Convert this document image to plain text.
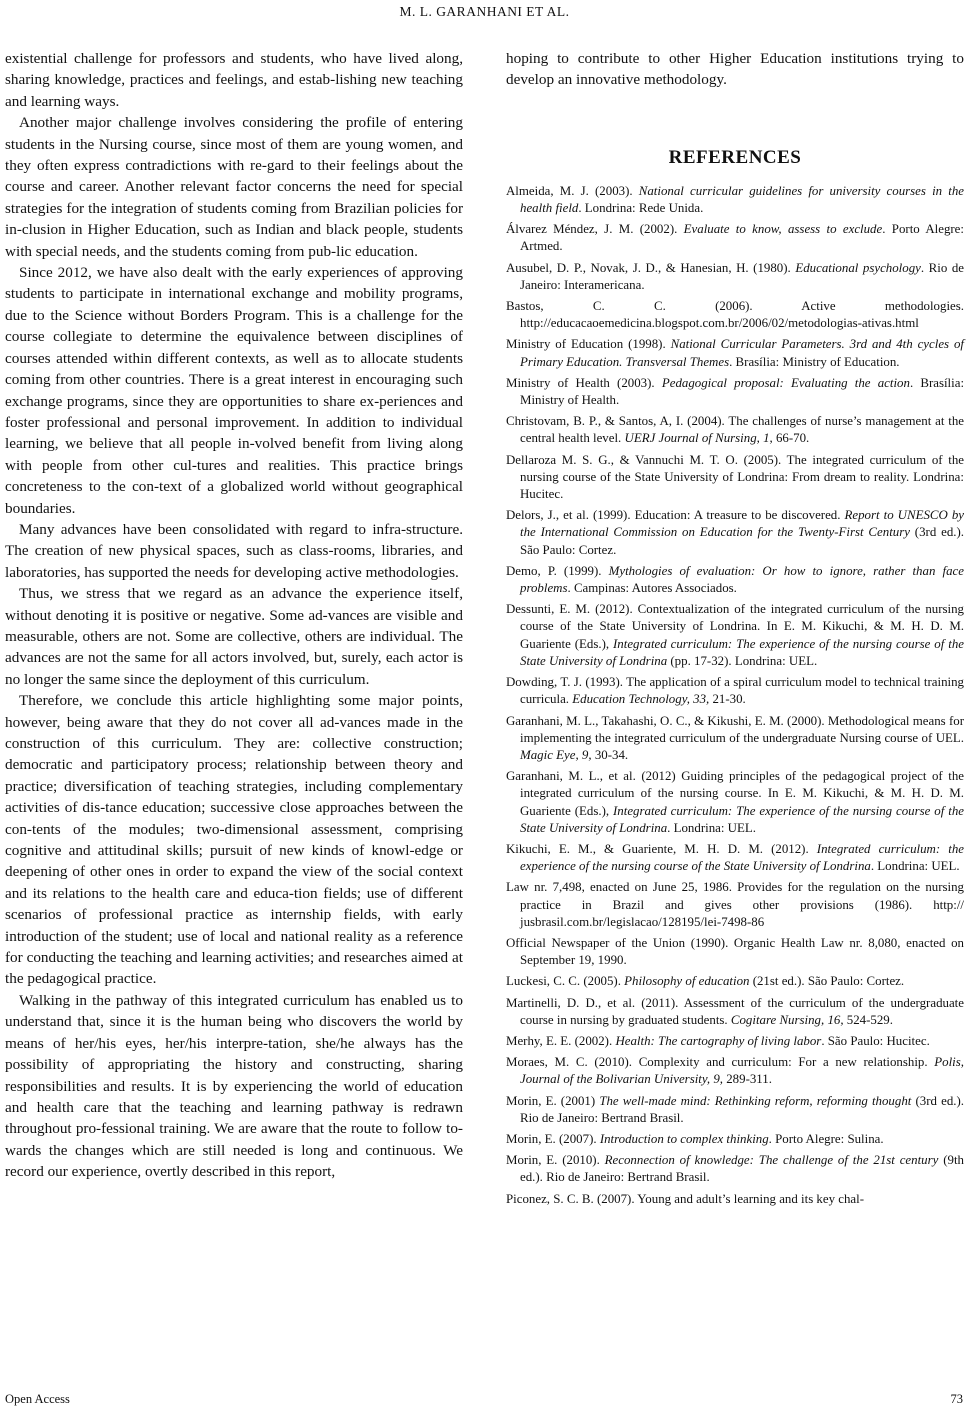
M. L. GARANHANI ET AL.

existential challenge for professors and students, who have lived along, sharing knowledge, practices and feelings, and estab-lishing new teaching and learning ways.

Another major challenge involves considering the profile of entering students in the Nursing course, since most of them are young women, and they often express contradictions with re-gard to their feelings about the course and career. Another relevant factor concerns the need for special strategies for the integration of students coming from Brazilian policies for in-clusion in Higher Education, such as Indian and black people, students with special needs, and the students coming from pub-lic education.

Since 2012, we have also dealt with the early experiences of approving students to participate in international exchange and mobility programs, due to the Science without Borders Program. This is a challenge for the course collegiate to determine the equivalence between disciplines of courses attended within different contexts, as well as to allocate students coming from other countries. There is a great interest in encouraging such exchange programs, since they are opportunities to share ex-periences and foster professional and personal improvement. In addition to individual learning, we believe that all people in-volved benefit from living along with people from other cul-tures and realities. This practice brings concreteness to the con-text of a globalized world without geographical boundaries.

Many advances have been consolidated with regard to infra-structure. The creation of new physical spaces, such as class-rooms, libraries, and laboratories, has supported the needs for developing active methodologies.

Thus, we stress that we regard as an advance the experience itself, without denoting it is positive or negative. Some ad-vances are visible and measurable, others are not. Some are collective, others are individual. The advances are not the same for all actors involved, but, surely, each actor is no longer the same since the deployment of this curriculum.

Therefore, we conclude this article highlighting some major points, however, being aware that they do not cover all ad-vances made in the construction of this curriculum. They are: collective construction; democratic and participatory process; relationship between theory and practice; diversification of teaching strategies, including complementary activities of dis-tance education; successive close approaches between the con-tents of the modules; two-dimensional assessment, comprising cognitive and attitudinal skills; pursuit of new kinds of knowl-edge or deepening of other ones in order to expand the view of the social context and its relations to the health care and educa-tion fields; use of different scenarios of professional practice as internship fields, with early introduction of the student; use of local and national reality as a reference for conducting the teaching and learning activities; and researches aimed at the pedagogical practice.

Walking in the pathway of this integrated curriculum has enabled us to understand that, since it is the human being who discovers the world by means of her/his eyes, her/his interpre-tation, she/he always has the possibility of appropriating the history and constructing, sharing responsibilities and results. It is by experiencing the world of education and health care that the teaching and learning pathway is redrawn throughout pro-fessional training. We are aware that the route to follow to-wards the changes which are still needed is long and continuous. We record our experience, overtly described in this report,

hoping to contribute to other Higher Education institutions trying to develop an innovative methodology.

REFERENCES

Almeida, M. J. (2003). National curricular guidelines for university courses in the health field. Londrina: Rede Unida.

Álvarez Méndez, J. M. (2002). Evaluate to know, assess to exclude. Porto Alegre: Artmed.

Ausubel, D. P., Novak, J. D., & Hanesian, H. (1980). Educational psychology. Rio de Janeiro: Interamericana.

Bastos, C. C. (2006). Active methodologies. http://educacaoemedicina.blogspot.com.br/2006/02/metodologias-ativas.html

Ministry of Education (1998). National Curricular Parameters. 3rd and 4th cycles of Primary Education. Transversal Themes. Brasília: Ministry of Education.

Ministry of Health (2003). Pedagogical proposal: Evaluating the action. Brasília: Ministry of Health.

Christovam, B. P., & Santos, A, I. (2004). The challenges of nurse’s management at the central health level. UERJ Journal of Nursing, 1, 66-70.

Dellaroza M. S. G., & Vannuchi M. T. O. (2005). The integrated curriculum of the nursing course of the State University of Londrina: From dream to reality. Londrina: Hucitec.

Delors, J., et al. (1999). Education: A treasure to be discovered. Report to UNESCO by the International Commission on Education for the Twenty-First Century (3rd ed.). São Paulo: Cortez.

Demo, P. (1999). Mythologies of evaluation: Or how to ignore, rather than face problems. Campinas: Autores Associados.

Dessunti, E. M. (2012). Contextualization of the integrated curriculum of the nursing course of the State University of Londrina. In E. M. Kikuchi, & M. H. D. M. Guariente (Eds.), Integrated curriculum: The experience of the nursing course of the State University of Londrina (pp. 17-32). Londrina: UEL.

Dowding, T. J. (1993). The application of a spiral curriculum model to technical training curricula. Education Technology, 33, 21-30.

Garanhani, M. L., Takahashi, O. C., & Kikushi, E. M. (2000). Methodological means for implementing the integrated curriculum of the undergraduate Nursing course of UEL. Magic Eye, 9, 30-34.

Garanhani, M. L., et al. (2012) Guiding principles of the pedagogical project of the integrated curriculum of the nursing course. In E. M. Kikuchi, & M. H. D. M. Guariente (Eds.), Integrated curriculum: The experience of the nursing course of the State University of Londrina. Londrina: UEL.

Kikuchi, E. M., & Guariente, M. H. D. M. (2012). Integrated curriculum: the experience of the nursing course of the State University of Londrina. Londrina: UEL.

Law nr. 7,498, enacted on June 25, 1986. Provides for the regulation on the nursing practice in Brazil and gives other provisions (1986). http:// jusbrasil.com.br/legislacao/128195/lei-7498-86

Official Newspaper of the Union (1990). Organic Health Law nr. 8,080, enacted on September 19, 1990.

Luckesi, C. C. (2005). Philosophy of education (21st ed.). São Paulo: Cortez.

Martinelli, D. D., et al. (2011). Assessment of the curriculum of the undergraduate course in nursing by graduated students. Cogitare Nursing, 16, 524-529.

Merhy, E. E. (2002). Health: The cartography of living labor. São Paulo: Hucitec.

Moraes, M. C. (2010). Complexity and curriculum: For a new relationship. Polis, Journal of the Bolivarian University, 9, 289-311.

Morin, E. (2001) The well-made mind: Rethinking reform, reforming thought (3rd ed.). Rio de Janeiro: Bertrand Brasil.

Morin, E. (2007). Introduction to complex thinking. Porto Alegre: Sulina.

Morin, E. (2010). Reconnection of knowledge: The challenge of the 21st century (9th ed.). Rio de Janeiro: Bertrand Brasil.

Piconez, S. C. B. (2007). Young and adult’s learning and its key chal-

Open Access	73
